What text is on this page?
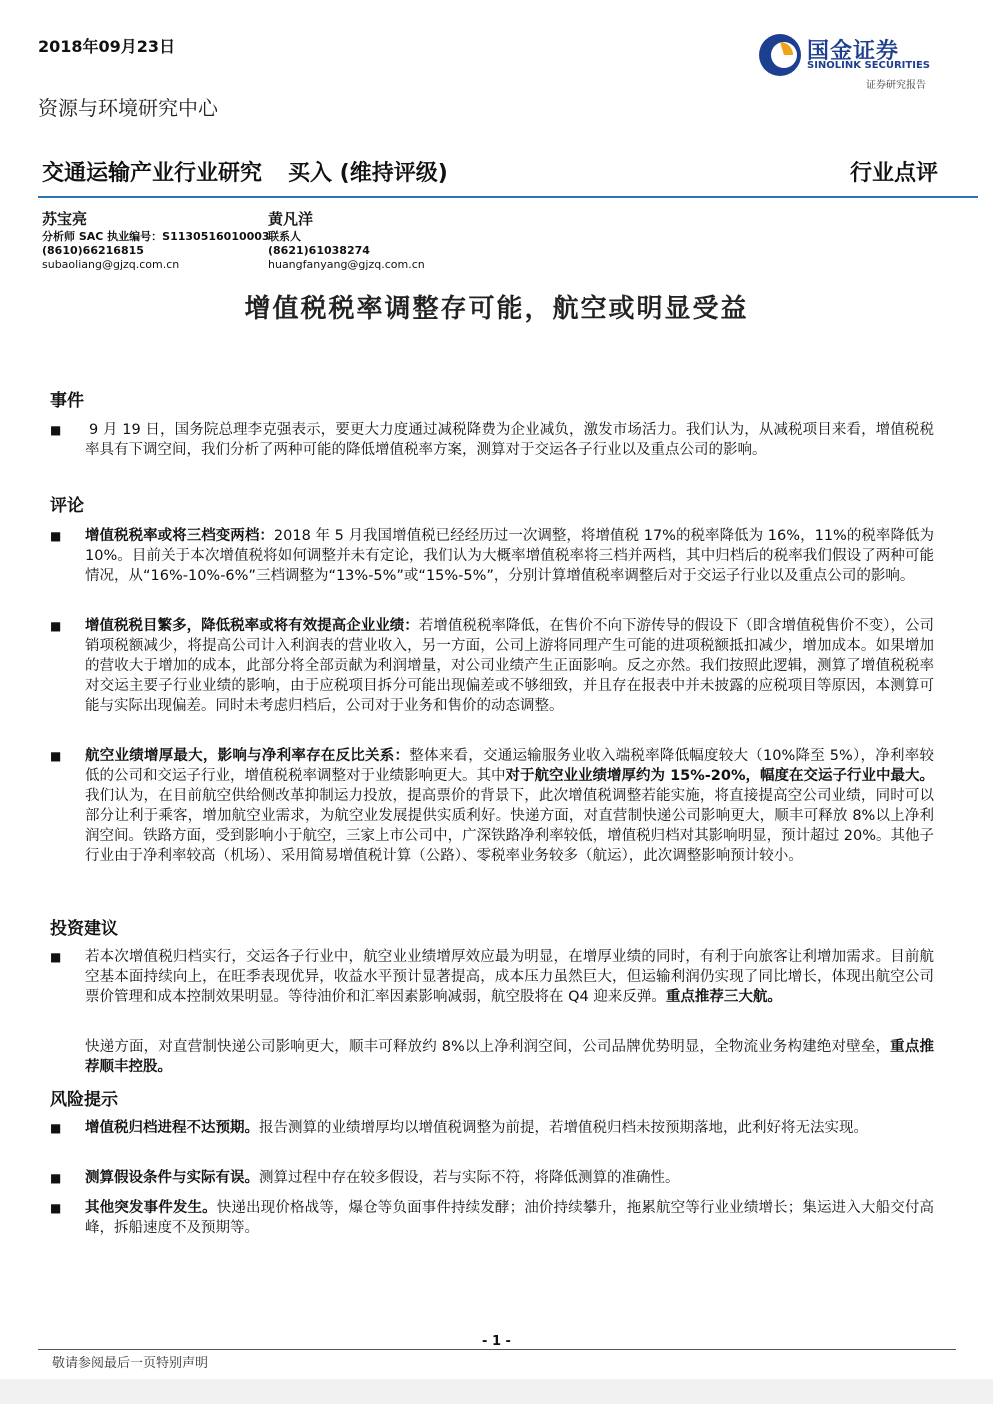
2018年09月23日	国金证券
SINOLINK SECURITIES
证券研究报告
资源与环境研究中心
交通运输产业行业研究 买入 (维持评级)	行业点评
苏宝亮
分析师 SAC 执业编号：S1130516010003
(8610)66216815
subaoliang@gjzq.com.cn
黄凡洋
联系人
(8621)61038274
huangfanyang@gjzq.com.cn
增值税税率调整存可能，航空或明显受益
事件
■ 9 月 19 日，国务院总理李克强表示，要更大力度通过减税降费为企业减负，激发市场活力。我们认为，从减税项目来看，增值税税率具有下调空间，我们分析了两种可能的降低增值税率方案，测算对于交运各子行业以及重点公司的影响。
评论
■ 增值税税率或将三档变两档：2018 年 5 月我国增值税已经经历过一次调整，将增值税 17%的税率降低为 16%，11%的税率降低为 10%。目前关于本次增值税将如何调整并未有定论，我们认为大概率增值税率将三档并两档，其中归档后的税率我们假设了两种可能情况，从“16%-10%-6%”三档调整为“13%-5%”或“15%-5%”，分别计算增值税率调整后对于交运子行业以及重点公司的影响。
■ 增值税税目繁多，降低税率或将有效提高企业业绩：若增值税税率降低，在售价不向下游传导的假设下（即含增值税售价不变），公司销项税额减少，将提高公司计入利润表的营业收入，另一方面，公司上游将同理产生可能的进项税额抵扣减少，增加成本。如果增加的营收大于增加的成本，此部分将全部贡献为利润增量，对公司业绩产生正面影响。反之亦然。我们按照此逻辑，测算了增值税税率对交运主要子行业业绩的影响，由于应税项目拆分可能出现偏差或不够细致，并且存在报表中并未披露的应税项目等原因，本测算可能与实际出现偏差。同时未考虑归档后，公司对于业务和售价的动态调整。
■ 航空业绩增厚最大，影响与净利率存在反比关系：整体来看，交通运输服务业收入端税率降低幅度较大（10%降至 5%），净利率较低的公司和交运子行业，增值税税率调整对于业绩影响更大。其中对于航空业业绩增厚约为 15%-20%，幅度在交运子行业中最大。我们认为，在目前航空供给侧改革抑制运力投放，提高票价的背景下，此次增值税调整若能实施，将直接提高空公司业绩，同时可以部分让利于乘客，增加航空业需求，为航空业发展提供实质利好。快递方面，对直营制快递公司影响更大，顺丰可释放 8%以上净利润空间。铁路方面，受到影响小于航空，三家上市公司中，广深铁路净利率较低，增值税归档对其影响明显，预计超过 20%。其他子行业由于净利率较高（机场）、采用简易增值税计算（公路）、零税率业务较多（航运），此次调整影响预计较小。
投资建议
■ 若本次增值税归档实行，交运各子行业中，航空业业绩增厚效应最为明显，在增厚业绩的同时，有利于向旅客让利增加需求。目前航空基本面持续向上，在旺季表现优异，收益水平预计显著提高，成本压力虽然巨大，但运输利润仍实现了同比增长，体现出航空公司票价管理和成本控制效果明显。等待油价和汇率因素影响减弱，航空股将在 Q4 迎来反弹。重点推荐三大航。
快递方面，对直营制快递公司影响更大，顺丰可释放约 8%以上净利润空间，公司品牌优势明显，全物流业务构建绝对壁垒，重点推荐顺丰控股。
风险提示
■ 增值税归档进程不达预期。报告测算的业绩增厚均以增值税调整为前提，若增值税归档未按预期落地，此利好将无法实现。
■ 测算假设条件与实际有误。测算过程中存在较多假设，若与实际不符，将降低测算的准确性。
■ 其他突发事件发生。快递出现价格战等，爆仓等负面事件持续发酵；油价持续攀升，拖累航空等行业业绩增长；集运进入大船交付高峰，拆船速度不及预期等。
- 1 -
敬请参阅最后一页特别声明
